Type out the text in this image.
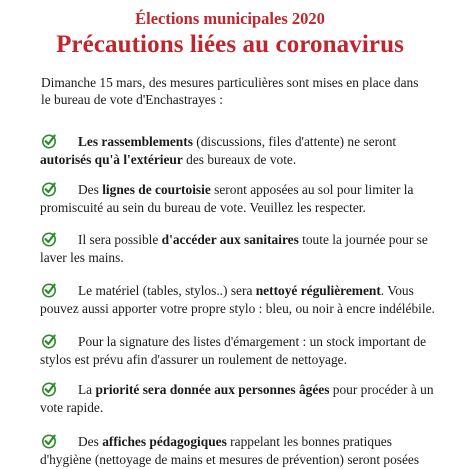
Élections municipales 2020
Précautions liées au coronavirus
Dimanche 15 mars, des mesures particulières sont mises en place dans le bureau de vote d'Enchastrayes :
Les rassemblements (discussions, files d'attente) ne seront autorisés qu'à l'extérieur des bureaux de vote.
Des lignes de courtoisie seront apposées au sol pour limiter la promiscuité au sein du bureau de vote. Veuillez les respecter.
Il sera possible d'accéder aux sanitaires toute la journée pour se laver les mains.
Le matériel (tables, stylos..) sera nettoyé régulièrement. Vous pouvez aussi apporter votre propre stylo : bleu, ou noir à encre indélébile.
Pour la signature des listes d'émargement : un stock important de stylos est prévu afin d'assurer un roulement de nettoyage.
La priorité sera donnée aux personnes âgées pour procéder à un vote rapide.
Des affiches pédagogiques rappelant les bonnes pratiques d'hygiène (nettoyage de mains et mesures de prévention) seront posées
